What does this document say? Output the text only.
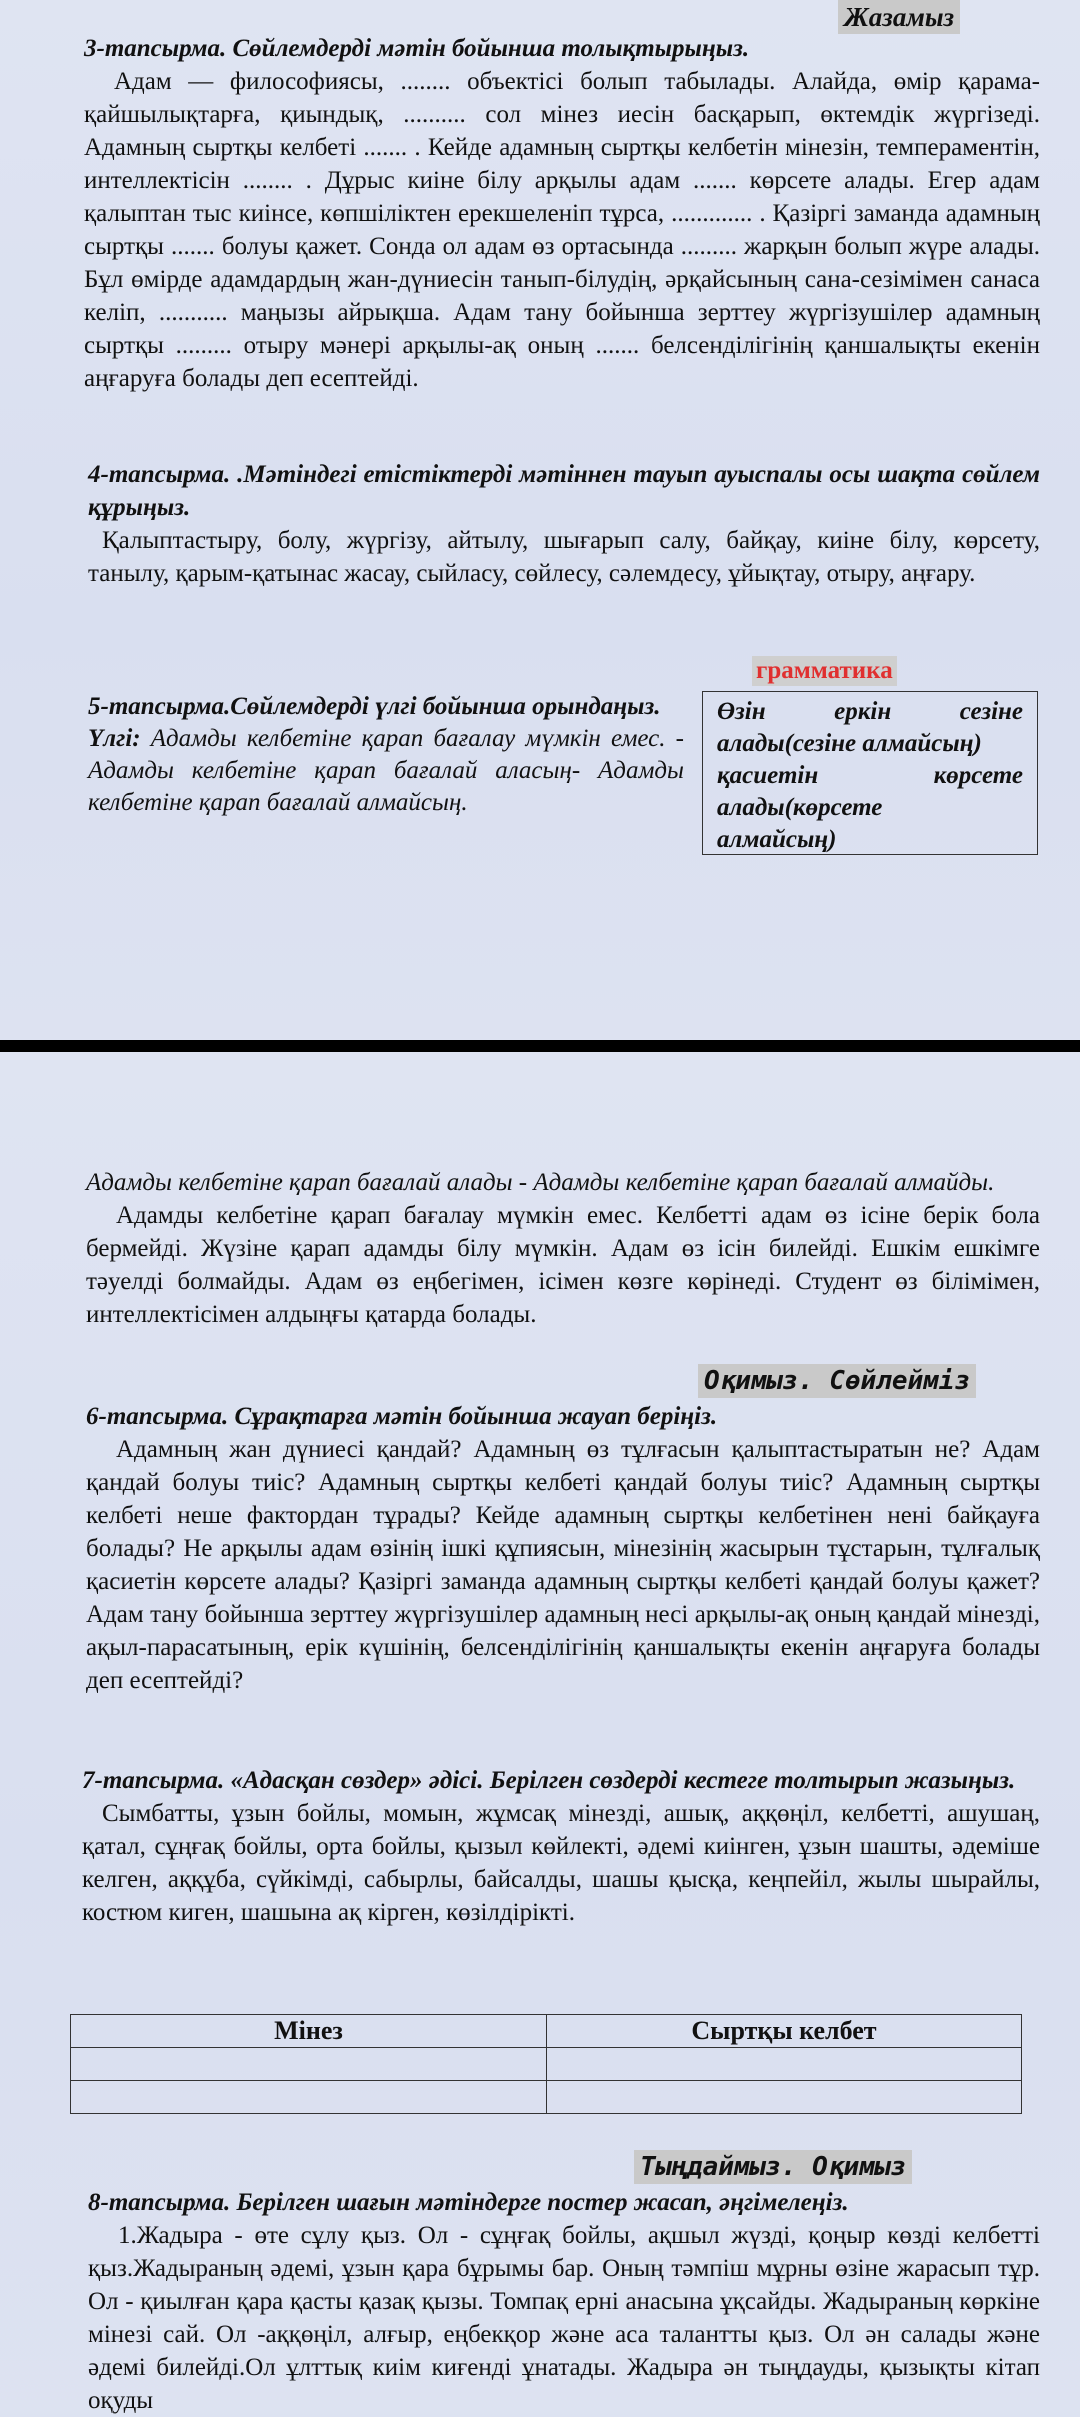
Жазамыз

3-тапсырма. Сөйлемдерді мәтін бойынша толықтырыңыз.

Адам — философиясы, ........ объектісі болып табылады. Алайда, өмір қарама-қайшылықтарға, қиындық, .......... сол мінез иесін басқарып, өктемдік жүргізеді. Адамның сыртқы келбеті ....... . Кейде адамның сыртқы келбетін мінезін, темпераментін, интеллектісін ........ . Дұрыс киіне білу арқылы адам ....... көрсете алады. Егер адам қалыптан тыс киінсе, көпшіліктен ерекшеленіп тұрса, ............. . Қазіргі заманда адамның сыртқы ....... болуы қажет. Сонда ол адам өз ортасында ......... жарқын болып жүре алады. Бұл өмірде адамдардың жан-дүниесін танып-білудің, әрқайсының сана-сезімімен санаса келіп, ........... маңызы айрықша. Адам тану бойынша зерттеу жүргізушілер адамның сыртқы ......... отыру мәнері арқылы-ақ оның ....... белсенділігінің қаншалықты екенін аңғаруға болады деп есептейді.

4-тапсырма. .Мәтіндегі етістіктерді мәтіннен тауып ауыспалы осы шақта сөйлем құрыңыз.

Қалыптастыру, болу, жүргізу, айтылу, шығарып салу, байқау, киіне білу, көрсету, танылу, қарым-қатынас жасау, сыйласу, сөйлесу, сәлемдесу, ұйықтау, отыру, аңғару.

грамматика

Өзін еркін сезіне

алады(сезіне алмайсың)

қасиетін көрсете

алады(көрсете

алмайсың)

5-тапсырма.Сөйлемдерді үлгі бойынша орындаңыз.

Үлгі: Адамды келбетіне қарап бағалау мүмкін емес. - Адамды келбетіне қарап бағалай аласың- Адамды келбетіне қарап бағалай алмайсың.

Адамды келбетіне қарап бағалай алады - Адамды келбетіне қарап бағалай алмайды.

Адамды келбетіне қарап бағалау мүмкін емес. Келбетті адам өз ісіне берік бола бермейді. Жүзіне қарап адамды білу мүмкін. Адам өз ісін билейді. Ешкім ешкімге тәуелді болмайды. Адам өз еңбегімен, ісімен көзге көрінеді. Студент өз білімімен, интеллектісімен алдыңғы қатарда болады.

Оқимыз. Сөйлейміз

6-тапсырма. Сұрақтарға мәтін бойынша жауап беріңіз.

Адамның жан дүниесі қандай? Адамның өз тұлғасын қалыптастыратын не? Адам қандай болуы тиіс? Адамның сыртқы келбеті қандай болуы тиіс? Адамның сыртқы келбеті неше фактордан тұрады? Кейде адамның сыртқы келбетінен нені байқауға болады? Не арқылы адам өзінің ішкі құпиясын, мінезінің жасырын тұстарын, тұлғалық қасиетін көрсете алады? Қазіргі заманда адамның сыртқы келбеті қандай болуы қажет? Адам тану бойынша зерттеу жүргізушілер адамның несі арқылы-ақ оның қандай мінезді, ақыл-парасатының, ерік күшінің, белсенділігінің қаншалықты екенін аңғаруға болады деп есептейді?

7-тапсырма. «Адасқан сөздер» әдісі. Берілген сөздерді кестеге толтырып жазыңыз.

Сымбатты, ұзын бойлы, момын, жұмсақ мінезді, ашық, аққөңіл, келбетті, ашушаң, қатал, сұңғақ бойлы, орта бойлы, қызыл көйлекті, әдемі киінген, ұзын шашты, әдеміше келген, аққұба, сүйкімді, сабырлы, байсалды, шашы қысқа, кеңпейіл, жылы шырайлы, костюм киген, шашына ақ кірген, көзілдірікті.

Мінез	Сыртқы келбет

Тыңдаймыз. Оқимыз

8-тапсырма. Берілген шағын мәтіндерге постер жасап, әңгімелеңіз.

1.Жадыра - өте сұлу қыз. Ол - сұңғақ бойлы, ақшыл жүзді, қоңыр көзді келбетті қыз.Жадыраның әдемі, ұзын қара бұрымы бар. Оның тәмпіш мұрны өзіне жарасып тұр. Ол - қиылған қара қасты қазақ қызы. Томпақ ерні анасына ұқсайды. Жадыраның көркіне мінезі сай. Ол -аққөңіл, алғыр, еңбекқор және аса талантты қыз. Ол ән салады және әдемі билейді.Ол ұлттық киім киғенді ұнатады. Жадыра ән тыңдауды, қызықты кітап оқуды
